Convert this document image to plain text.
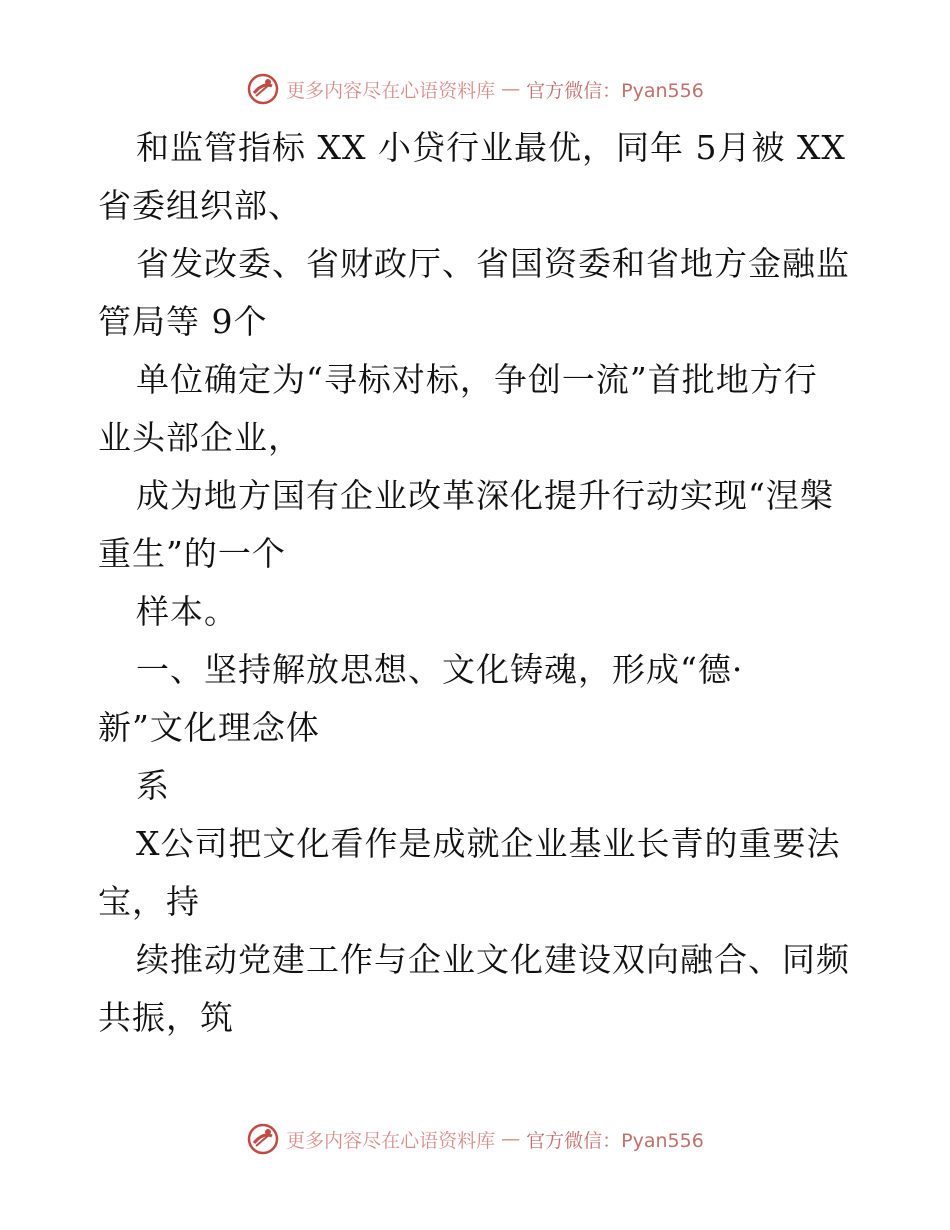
更多内容尽在心语资料库 — 官方微信：Pyan556
和监管指标 XX 小贷行业最优，同年 5月被 XX
省委组织部、
省发改委、省财政厅、省国资委和省地方金融监
管局等 9个
单位确定为“寻标对标，争创一流”首批地方行
业头部企业，
成为地方国有企业改革深化提升行动实现“涅槃
重生”的一个
样本。
一、坚持解放思想、文化铸魂，形成“德·
新”文化理念体
系
X公司把文化看作是成就企业基业长青的重要法
宝，持
续推动党建工作与企业文化建设双向融合、同频
共振，筑
更多内容尽在心语资料库 — 官方微信：Pyan556
